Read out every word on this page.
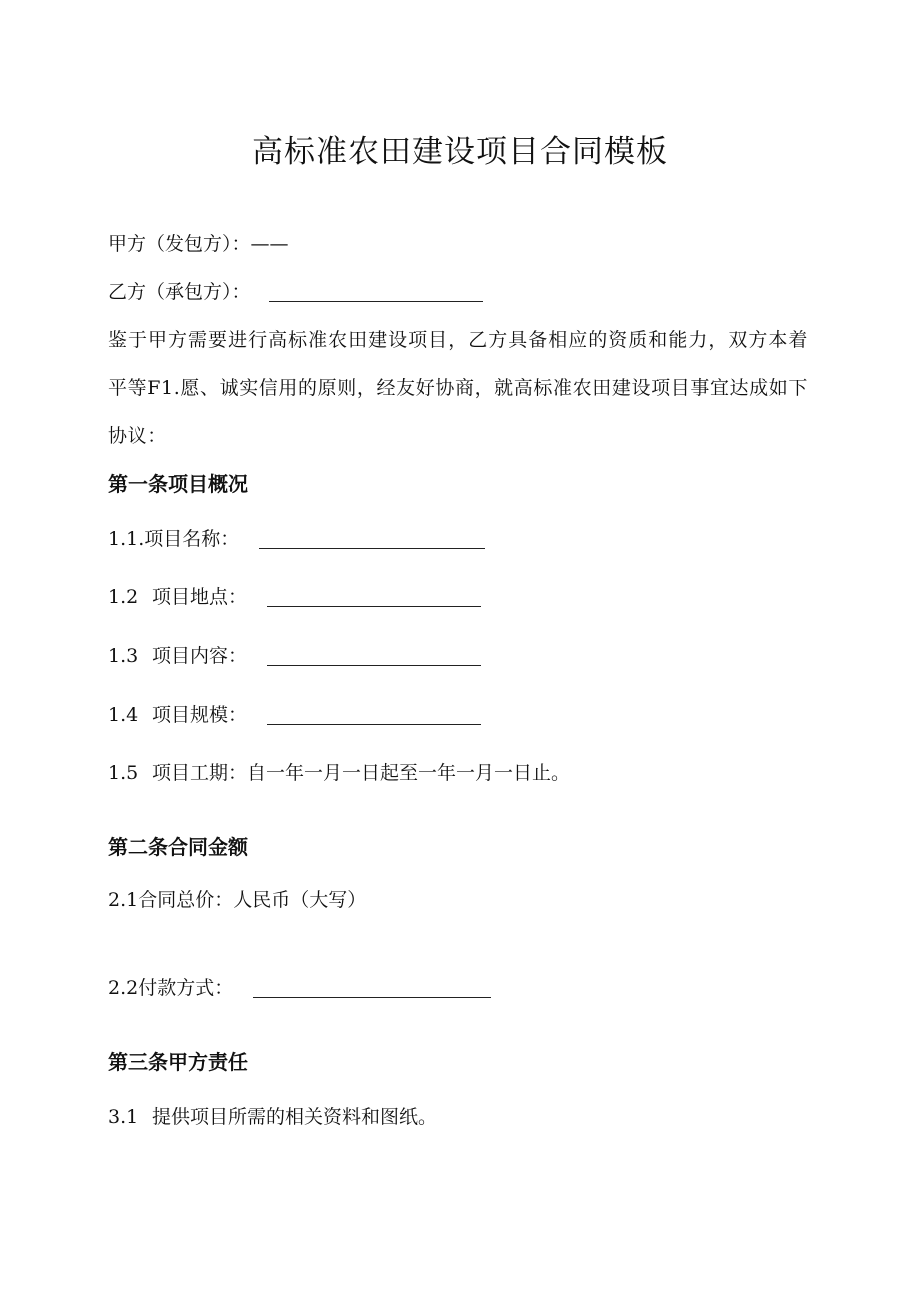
高标准农田建设项目合同模板
甲方（发包方）：——
乙方（承包方）：
鉴于甲方需要进行高标准农田建设项目，乙方具备相应的资质和能力，双方本着平等F1.愿、诚实信用的原则，经友好协商，就高标准农田建设项目事宜达成如下协议：
第一条项目概况
1.1.项目名称：
1.2 项目地点：
1.3 项目内容：
1.4 项目规模：
1.5 项目工期：自一年一月一日起至一年一月一日止。
第二条合同金额
2.1合同总价：人民币（大写）
2.2付款方式：
第三条甲方责任
3.1 提供项目所需的相关资料和图纸。
